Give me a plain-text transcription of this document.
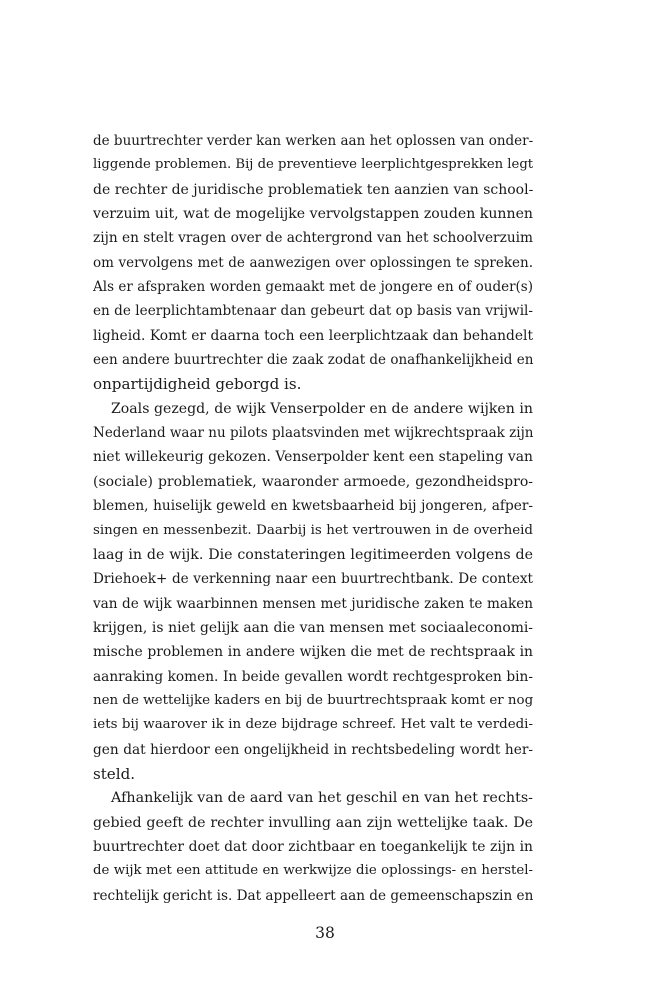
de buurtrechter verder kan werken aan het oplossen van onder-
liggende problemen. Bij de preventieve leerplichtgesprekken legt
de rechter de juridische problematiek ten aanzien van school-
verzuim uit, wat de mogelijke vervolgstappen zouden kunnen
zijn en stelt vragen over de achtergrond van het schoolverzuim
om vervolgens met de aanwezigen over oplossingen te spreken.
Als er afspraken worden gemaakt met de jongere en of ouder(s)
en de leerplichtambtenaar dan gebeurt dat op basis van vrijwil-
ligheid. Komt er daarna toch een leerplichtzaak dan behandelt
een andere buurtrechter die zaak zodat de onafhankelijkheid en
onpartijdigheid geborgd is.
Zoals gezegd, de wijk Venserpolder en de andere wijken in
Nederland waar nu pilots plaatsvinden met wijkrechtspraak zijn
niet willekeurig gekozen. Venserpolder kent een stapeling van
(sociale) problematiek, waaronder armoede, gezondheidspro-
blemen, huiselijk geweld en kwetsbaarheid bij jongeren, afper-
singen en messenbezit. Daarbij is het vertrouwen in de overheid
laag in de wijk. Die constateringen legitimeerden volgens de
Driehoek+ de verkenning naar een buurtrechtbank. De context
van de wijk waarbinnen mensen met juridische zaken te maken
krijgen, is niet gelijk aan die van mensen met sociaaleconomi-
mische problemen in andere wijken die met de rechtspraak in
aanraking komen. In beide gevallen wordt rechtgesproken bin-
nen de wettelijke kaders en bij de buurtrechtspraak komt er nog
iets bij waarover ik in deze bijdrage schreef. Het valt te verdedi-
gen dat hierdoor een ongelijkheid in rechtsbedeling wordt her-
steld.
Afhankelijk van de aard van het geschil en van het rechts-
gebied geeft de rechter invulling aan zijn wettelijke taak. De
buurtrechter doet dat door zichtbaar en toegankelijk te zijn in
de wijk met een attitude en werkwijze die oplossings- en herstel-
rechtelijk gericht is. Dat appelleert aan de gemeenschapszin en
38
